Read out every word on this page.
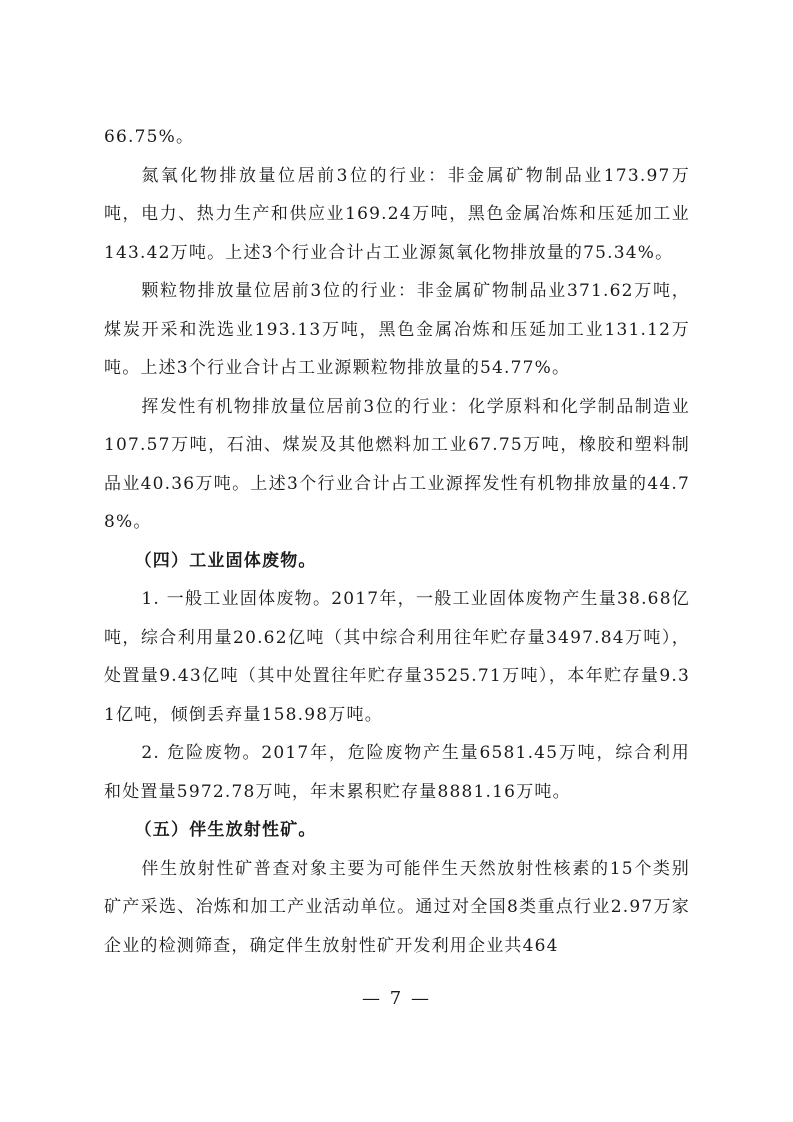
66.75%。

氮氧化物排放量位居前3位的行业：非金属矿物制品业173.97万吨，电力、热力生产和供应业169.24万吨，黑色金属冶炼和压延加工业143.42万吨。上述3个行业合计占工业源氮氧化物排放量的75.34%。

颗粒物排放量位居前3位的行业：非金属矿物制品业371.62万吨，煤炭开采和洗选业193.13万吨，黑色金属冶炼和压延加工业131.12万吨。上述3个行业合计占工业源颗粒物排放量的54.77%。

挥发性有机物排放量位居前3位的行业：化学原料和化学制品制造业107.57万吨，石油、煤炭及其他燃料加工业67.75万吨，橡胶和塑料制品业40.36万吨。上述3个行业合计占工业源挥发性有机物排放量的44.78%。

（四）工业固体废物。

1. 一般工业固体废物。2017年，一般工业固体废物产生量38.68亿吨，综合利用量20.62亿吨（其中综合利用往年贮存量3497.84万吨），处置量9.43亿吨（其中处置往年贮存量3525.71万吨），本年贮存量9.31亿吨，倾倒丢弃量158.98万吨。

2. 危险废物。2017年，危险废物产生量6581.45万吨，综合利用和处置量5972.78万吨，年末累积贮存量8881.16万吨。

（五）伴生放射性矿。

伴生放射性矿普查对象主要为可能伴生天然放射性核素的15个类别矿产采选、冶炼和加工产业活动单位。通过对全国8类重点行业2.97万家企业的检测筛查，确定伴生放射性矿开发利用企业共464

— 7 —
